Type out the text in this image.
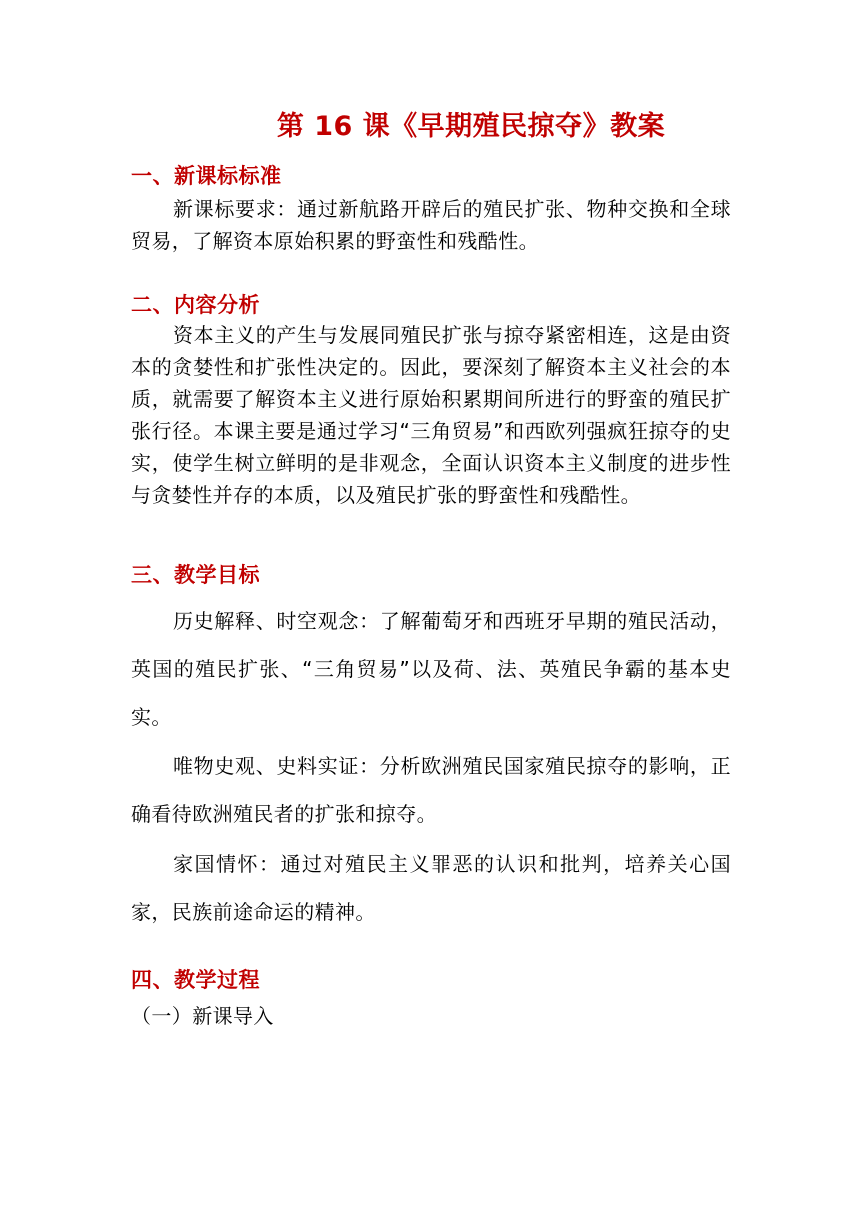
第 16 课《早期殖民掠夺》教案
一、新课标标准
新课标要求：通过新航路开辟后的殖民扩张、物种交换和全球贸易，了解资本原始积累的野蛮性和残酷性。
二、内容分析
资本主义的产生与发展同殖民扩张与掠夺紧密相连，这是由资本的贪婪性和扩张性决定的。因此，要深刻了解资本主义社会的本质，就需要了解资本主义进行原始积累期间所进行的野蛮的殖民扩张行径。本课主要是通过学习“三角贸易”和西欧列强疯狂掠夺的史实，使学生树立鲜明的是非观念，全面认识资本主义制度的进步性与贪婪性并存的本质，以及殖民扩张的野蛮性和残酷性。
三、教学目标
历史解释、时空观念：了解葡萄牙和西班牙早期的殖民活动，英国的殖民扩张、“三角贸易”以及荷、法、英殖民争霸的基本史实。
唯物史观、史料实证：分析欧洲殖民国家殖民掠夺的影响，正确看待欧洲殖民者的扩张和掠夺。
家国情怀：通过对殖民主义罪恶的认识和批判，培养关心国家，民族前途命运的精神。
四、教学过程
（一）新课导入
